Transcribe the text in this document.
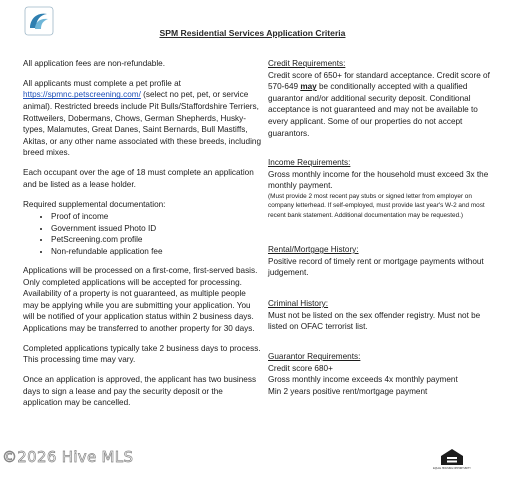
SPM Residential Services Application Criteria

All application fees are non-refundable.

All applicants must complete a pet profile at
https://spmnc.petscreening.com/ (select no pet, pet, or service animal). Restricted breeds include Pit Bulls/Staffordshire Terriers, Rottweilers, Dobermans, Chows, German Shepherds, Husky-types, Malamutes, Great Danes, Saint Bernards, Bull Mastiffs, Akitas, or any other name associated with these breeds, including breed mixes.

Each occupant over the age of 18 must complete an application and be listed as a lease holder.

Required supplemental documentation:

• Proof of income
• Government issued Photo ID
• PetScreening.com profile
• Non-refundable application fee

Applications will be processed on a first-come, first-served basis. Only completed applications will be accepted for processing. Availability of a property is not guaranteed, as multiple people may be applying while you are submitting your application. You will be notified of your application status within 2 business days. Applications may be transferred to another property for 30 days.

Completed applications typically take 2 business days to process. This processing time may vary.

Once an application is approved, the applicant has two business days to sign a lease and pay the security deposit or the application may be cancelled.

Credit Requirements:
Credit score of 650+ for standard acceptance. Credit score of 570-649 may be conditionally accepted with a qualified guarantor and/or additional security deposit. Conditional acceptance is not guaranteed and may not be available to every applicant. Some of our properties do not accept guarantors.
Income Requirements:
Gross monthly income for the household must exceed 3x the monthly payment.
(Must provide 2 most recent pay stubs or signed letter from employer on company letterhead. If self-employed, must provide last year's W-2 and most recent bank statement. Additional documentation may be requested.)
Rental/Mortgage History:
Positive record of timely rent or mortgage payments without judgement.
Criminal History:
Must not be listed on the sex offender registry. Must not be listed on OFAC terrorist list.
Guarantor Requirements:
Credit score 680+
Gross monthly income exceeds 4x monthly payment
Min 2 years positive rent/mortgage payment
©2026 Hive MLS
EQUAL HOUSING OPPORTUNITY
